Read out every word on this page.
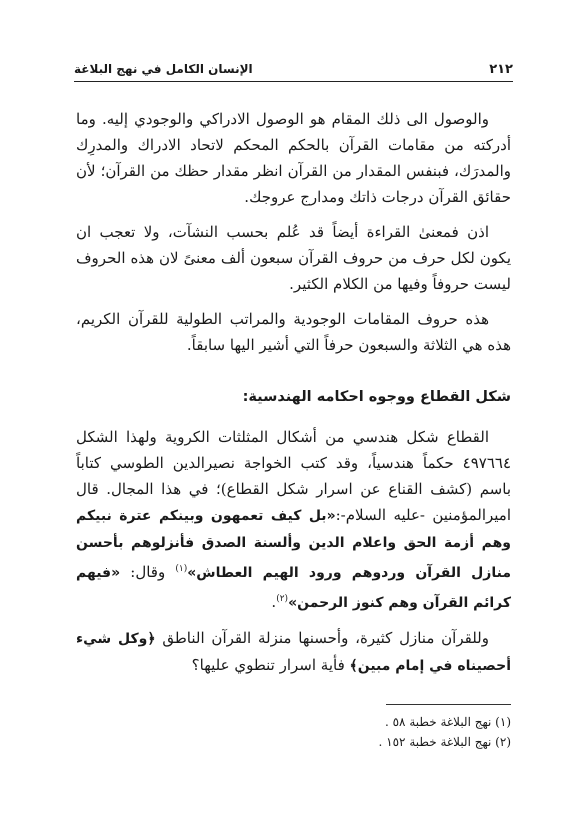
٢١٢
الإنسان الكامل في نهج البلاغة

والوصول الى ذلك المقام هو الوصول الادراكي والوجودي إليه. وما أدركته من مقامات القرآن بالحكم المحكم لاتحاد الادراك والمدرِك والمدرَك، فبنفس المقدار من القرآن انظر مقدار حظك من القرآن؛ لأن حقائق القرآن درجات ذاتك ومدارج عروجك.

اذن فمعنىٰ القراءة أيضاً قد عُلم بحسب النشآت، ولا تعجب ان يكون لكل حرف من حروف القرآن سبعون ألف معنىً لان هذه الحروف ليست حروفاً وفيها من الكلام الكثير.

هذه حروف المقامات الوجودية والمراتب الطولية للقرآن الكريم، هذه هي الثلاثة والسبعون حرفاً التي أشير اليها سابقاً.

شكل القطاع ووجوه احكامه الهندسية:

القطاع شكل هندسي من أشكال المثلثات الكروية ولهذا الشكل ٤٩٧٦٦٤ حكماً هندسياً، وقد كتب الخواجة نصيرالدين الطوسي كتاباً باسم (كشف القناع عن اسرار شكل القطاع)؛ في هذا المجال. قال اميرالمؤمنين -عليه السلام-:«بل كيف تعمهون وبينكم عترة نبيكم وهم أزمة الحق واعلام الدين وألسنة الصدق فأنزلوهم بأحسن منازل القرآن وردوهم ورود الهيم العطاش»$^{(١)}$ وقال: «فيهم كرائم القرآن وهم كنوز الرحمن»$^{(٢)}$.

وللقرآن منازل كثيرة، وأحسنها منزلة القرآن الناطق ﴿وكل شيء أحصيناه في إمام مبين﴾ فأية اسرار تنطوي عليها؟

(١) نهج البلاغة خطبة ٥٨ .
(٢) نهج البلاغة خطبة ١٥٢ .
